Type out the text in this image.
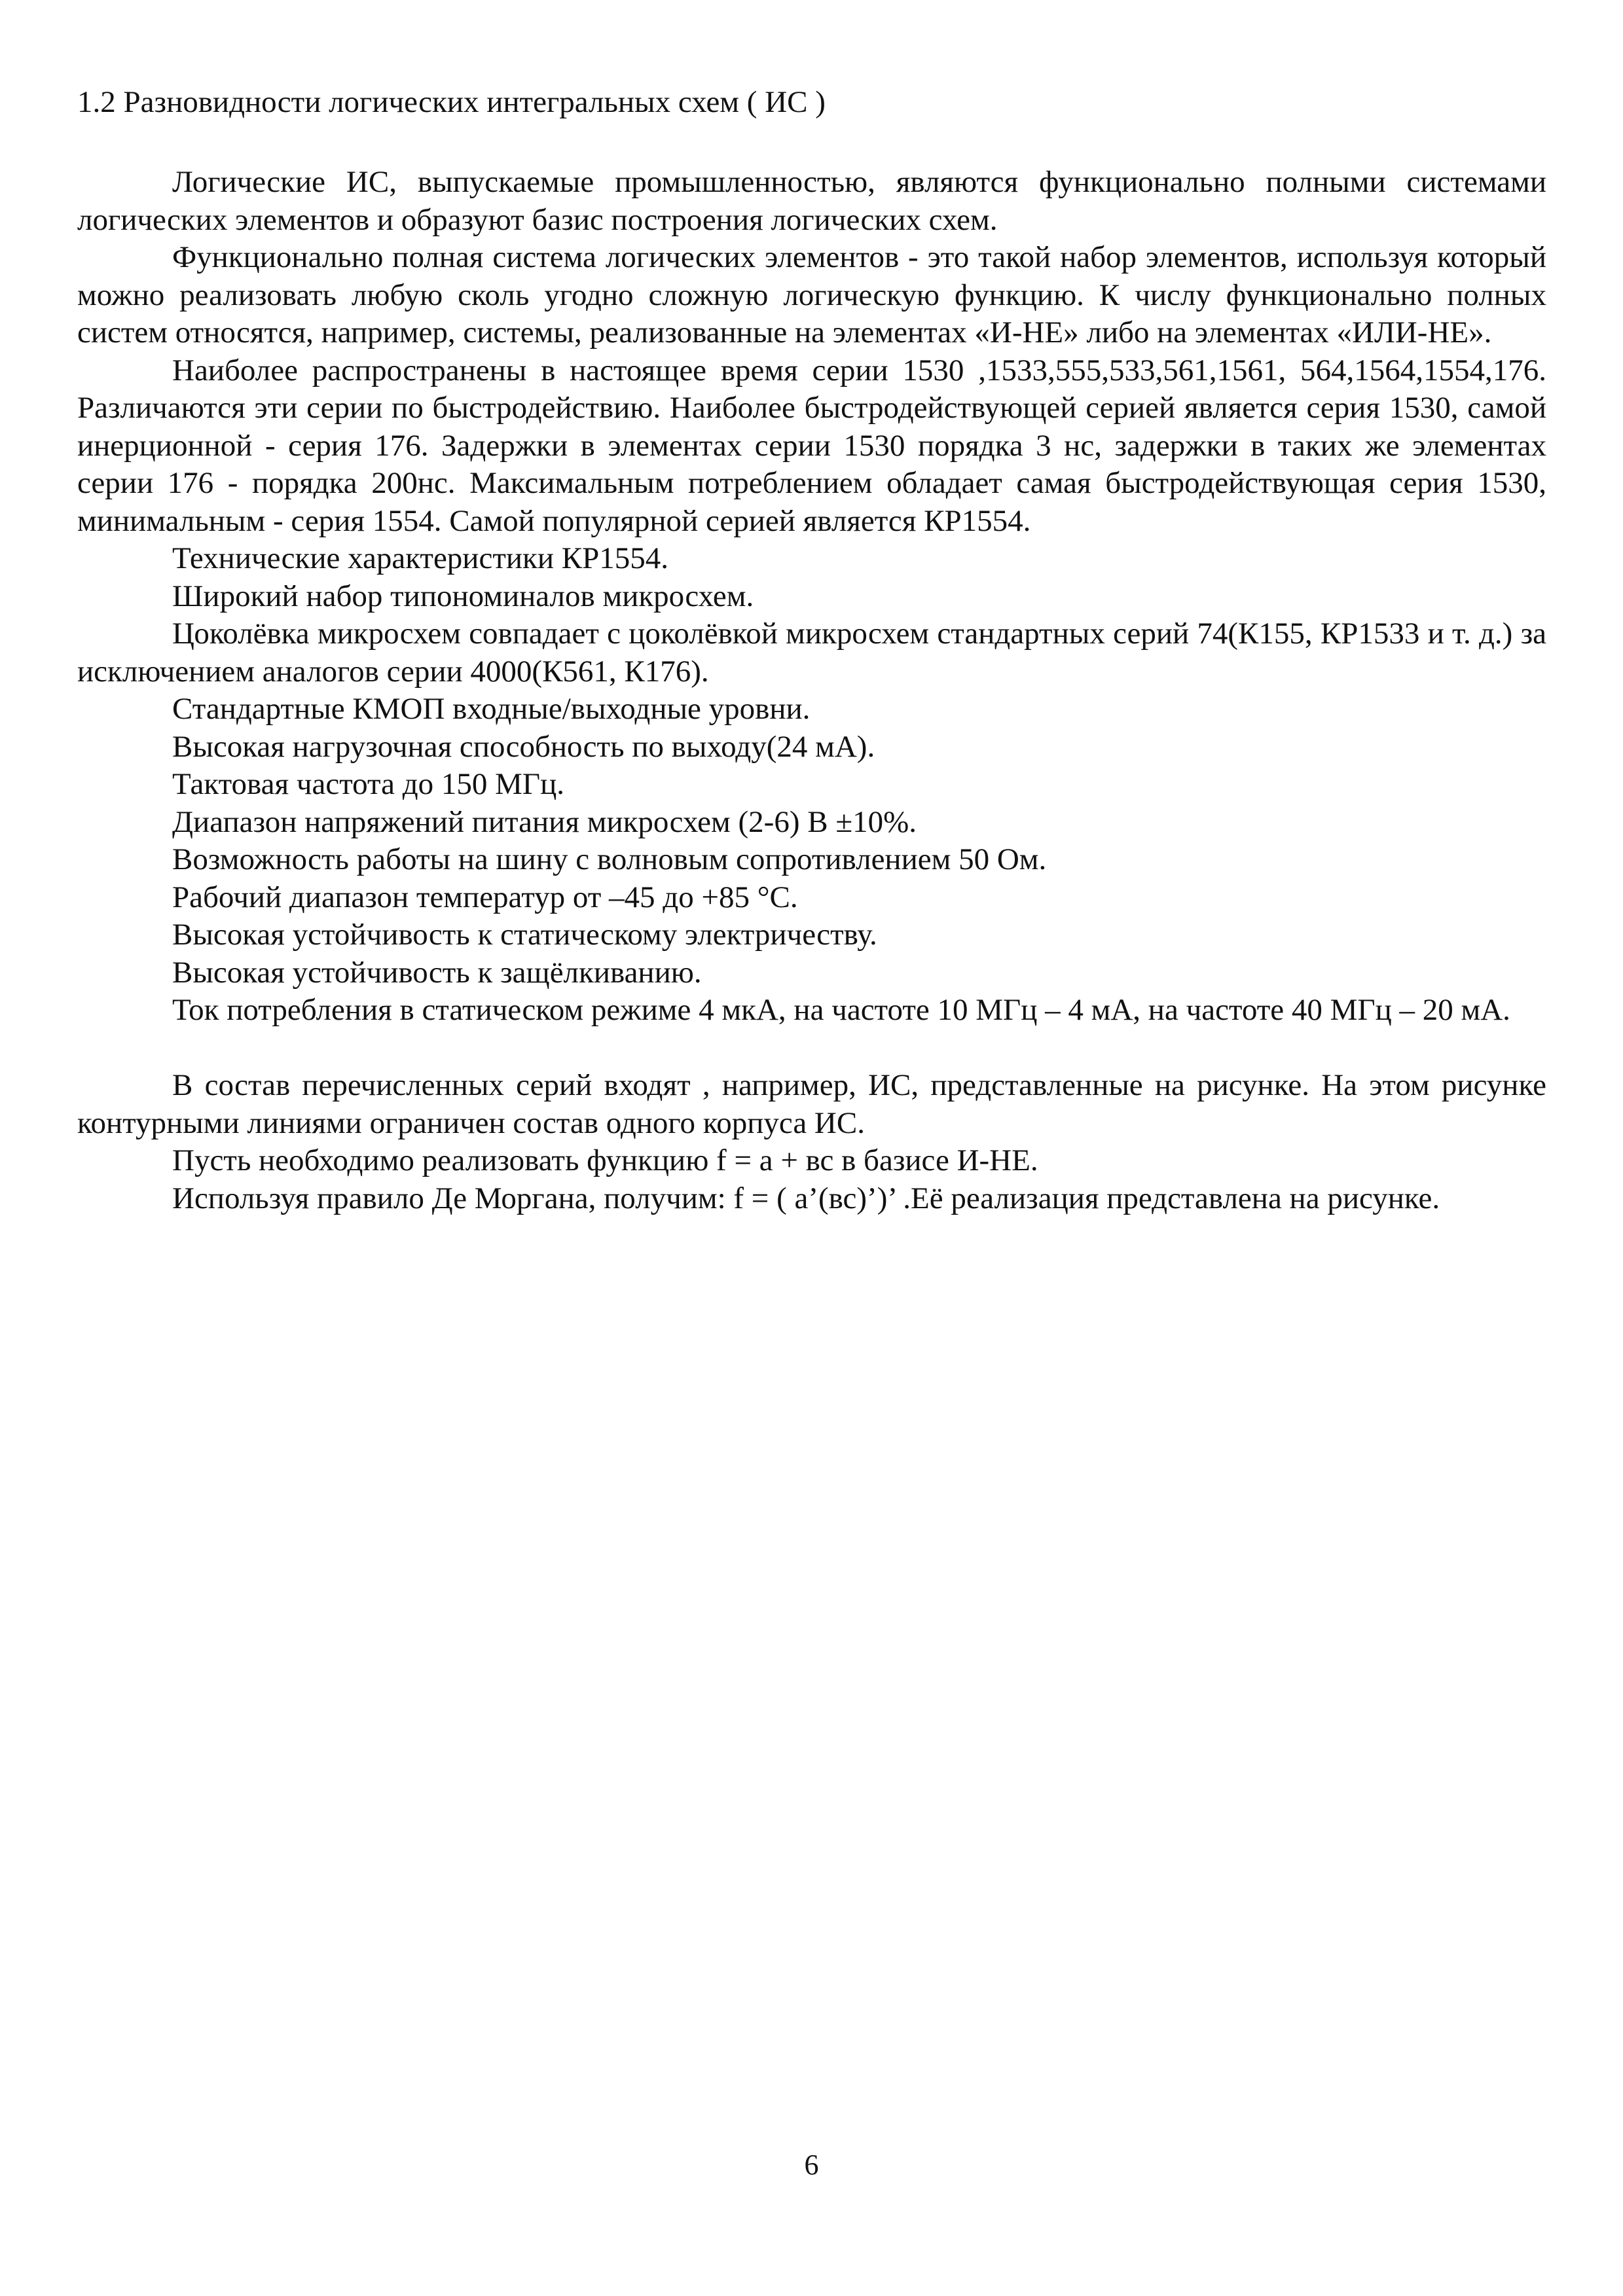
1.2 Разновидности логических интегральных схем ( ИС )

Логические ИС, выпускаемые промышленностью, являются функционально полными системами логических элементов и образуют базис построения логических схем.

Функционально полная система логических элементов - это такой набор элементов, используя который можно реализовать любую сколь угодно сложную логическую функцию. К числу функционально полных систем относятся, например, системы, реализованные на элементах «И-НЕ» либо на элементах «ИЛИ-НЕ».

Наиболее распространены в настоящее время серии 1530 ,1533,555,533,561,1561, 564,1564,1554,176. Различаются эти серии по быстродействию. Наиболее быстродействующей серией является серия 1530, самой инерционной - серия 176. Задержки в элементах серии 1530 порядка 3 нс, задержки в таких же элементах серии 176 - порядка 200нс. Максимальным потреблением обладает самая быстродействующая серия 1530, минимальным - серия 1554. Самой популярной серией является КР1554.

Технические характеристики КР1554.

Широкий набор типономиналов микросхем.

Цоколёвка микросхем совпадает с цоколёвкой микросхем стандартных серий 74(К155, КР1533 и т. д.) за исключением аналогов серии 4000(К561, К176).

Стандартные КМОП входные/выходные уровни.

Высокая нагрузочная способность по выходу(24 мА).

Тактовая частота до 150 МГц.

Диапазон напряжений питания микросхем (2-6) В ±10%.

Возможность работы на шину с волновым сопротивлением 50 Ом.

Рабочий диапазон температур от –45 до +85 °С.

Высокая устойчивость к статическому электричеству.

Высокая устойчивость к защёлкиванию.

Ток потребления в статическом режиме 4 мкА, на частоте 10 МГц – 4 мА, на частоте 40 МГц – 20 мА.

В состав перечисленных серий входят , например, ИС, представленные на рисунке. На этом рисунке контурными линиями ограничен состав одного корпуса ИС.

Пусть необходимо реализовать функцию f = a + вс в базисе И-НЕ.

Используя правило Де Моргана, получим: f = ( a’(вс)’)’ .Её реализация представлена на рисунке.

6
